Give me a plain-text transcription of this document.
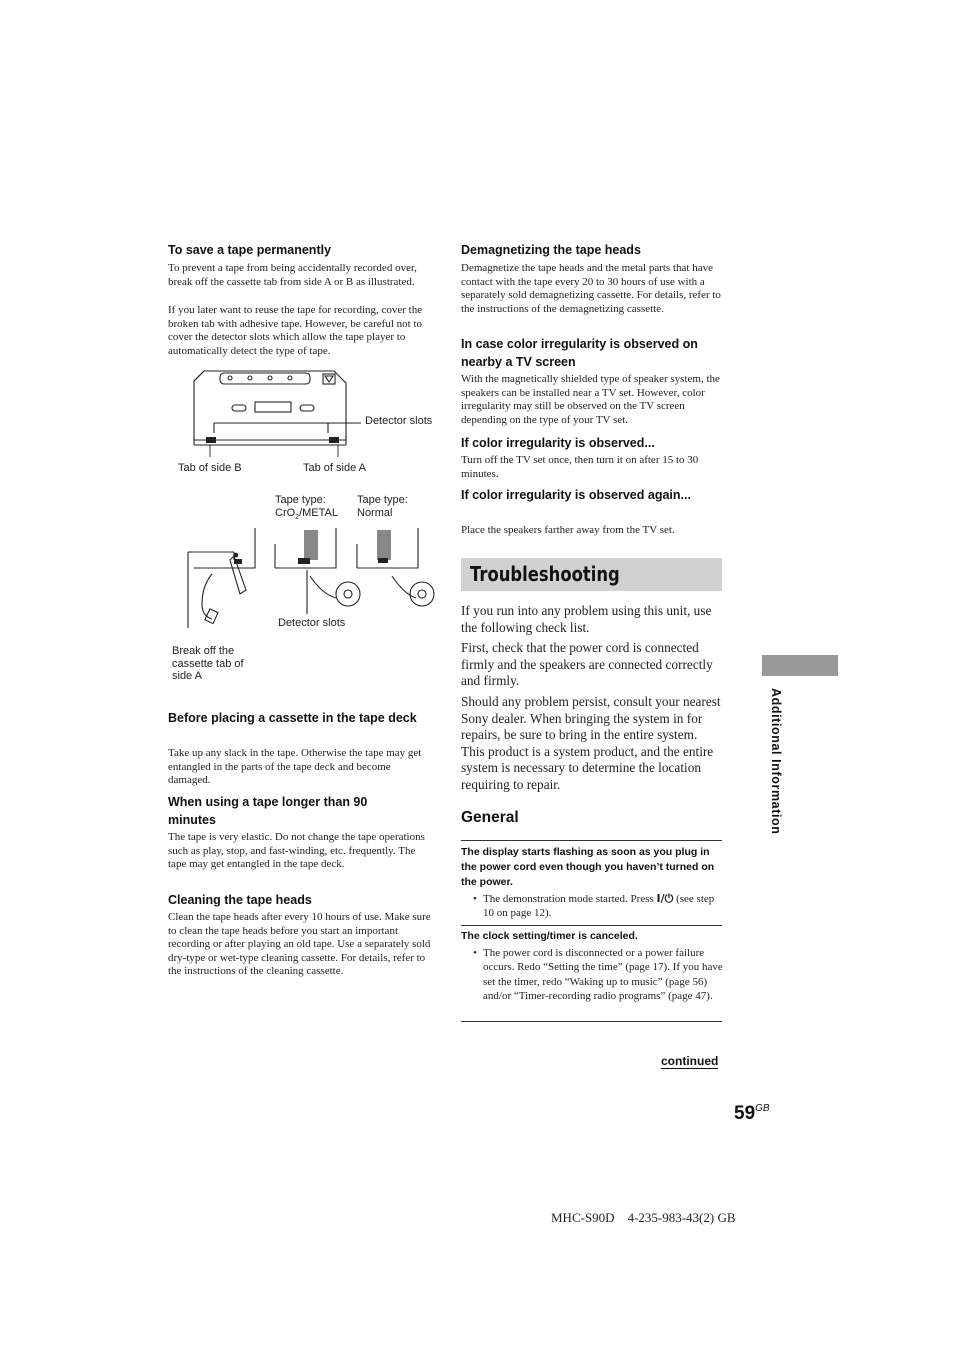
To save a tape permanently
To prevent a tape from being accidentally recorded over, break off the cassette tab from side A or B as illustrated.
If you later want to reuse the tape for recording, cover the broken tab with adhesive tape. However, be careful not to cover the detector slots which allow the tape player to automatically detect the type of tape.
Detector slots
Tab of side B	Tab of side A
Tape type:
CrO$_2$/METAL
Tape type:
Normal
Detector slots
Break off the cassette tab of side A
Before placing a cassette in the tape deck
Take up any slack in the tape. Otherwise the tape may get entangled in the parts of the tape deck and become damaged.
When using a tape longer than 90 minutes
The tape is very elastic. Do not change the tape operations such as play, stop, and fast-winding, etc. frequently. The tape may get entangled in the tape deck.
Cleaning the tape heads
Clean the tape heads after every 10 hours of use. Make sure to clean the tape heads before you start an important recording or after playing an old tape. Use a separately sold dry-type or wet-type cleaning cassette. For details, refer to the instructions of the cleaning cassette.
Demagnetizing the tape heads
Demagnetize the tape heads and the metal parts that have contact with the tape every 20 to 30 hours of use with a separately sold demagnetizing cassette. For details, refer to the instructions of the demagnetizing cassette.
In case color irregularity is observed on nearby a TV screen
With the magnetically shielded type of speaker system, the speakers can be installed near a TV set. However, color irregularity may still be observed on the TV screen depending on the type of your TV set.
If color irregularity is observed...
Turn off the TV set once, then turn it on after 15 to 30 minutes.
If color irregularity is observed again...
Place the speakers farther away from the TV set.
Troubleshooting
If you run into any problem using this unit, use the following check list.
First, check that the power cord is connected firmly and the speakers are connected correctly and firmly.
Should any problem persist, consult your nearest Sony dealer. When bringing the system in for repairs, be sure to bring in the entire system. This product is a system product, and the entire system is necessary to determine the location requiring to repair.
General
The display starts flashing as soon as you plug in the power cord even though you haven’t turned on the power.
• The demonstration mode started. Press I/⏻ (see step 10 on page 12).
The clock setting/timer is canceled.
• The power cord is disconnected or a power failure occurs. Redo “Setting the time” (page 17). If you have set the timer, redo “Waking up to music” (page 56) and/or “Timer-recording radio programs” (page 47).
Additional Information
continued
$59^{GB}$
MHC-S90D    4-235-983-43(2) GB
